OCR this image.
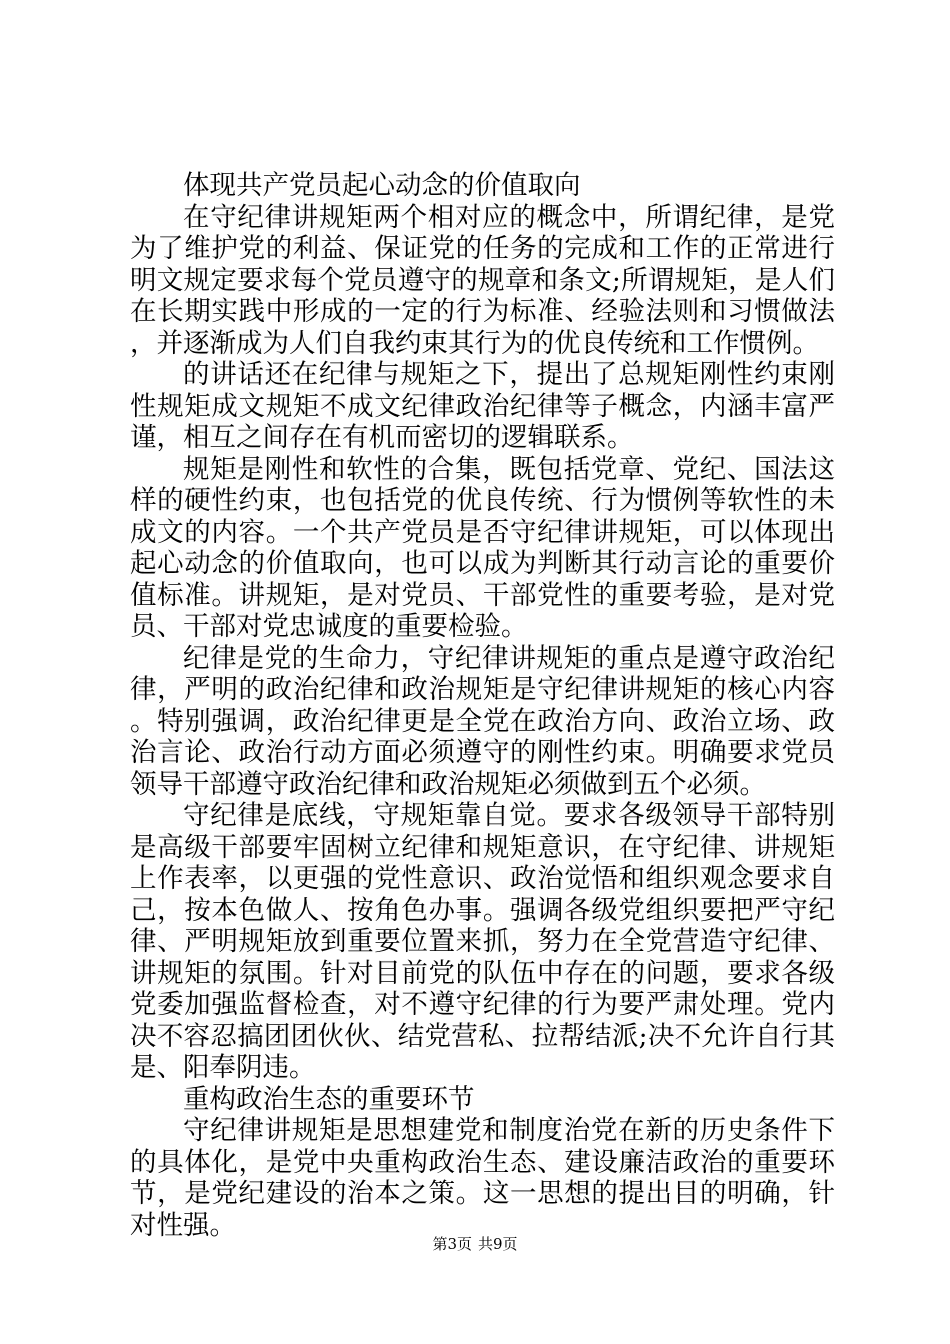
体现共产党员起心动念的价值取向

在守纪律讲规矩两个相对应的概念中，所谓纪律，是党为了维护党的利益、保证党的任务的完成和工作的正常进行明文规定要求每个党员遵守的规章和条文;所谓规矩，是人们在长期实践中形成的一定的行为标准、经验法则和习惯做法，并逐渐成为人们自我约束其行为的优良传统和工作惯例。

的讲话还在纪律与规矩之下，提出了总规矩刚性约束刚性规矩成文规矩不成文纪律政治纪律等子概念，内涵丰富严谨，相互之间存在有机而密切的逻辑联系。

规矩是刚性和软性的合集，既包括党章、党纪、国法这样的硬性约束，也包括党的优良传统、行为惯例等软性的未成文的内容。一个共产党员是否守纪律讲规矩，可以体现出起心动念的价值取向，也可以成为判断其行动言论的重要价值标准。讲规矩，是对党员、干部党性的重要考验，是对党员、干部对党忠诚度的重要检验。

纪律是党的生命力，守纪律讲规矩的重点是遵守政治纪律，严明的政治纪律和政治规矩是守纪律讲规矩的核心内容。特别强调，政治纪律更是全党在政治方向、政治立场、政治言论、政治行动方面必须遵守的刚性约束。明确要求党员领导干部遵守政治纪律和政治规矩必须做到五个必须。

守纪律是底线，守规矩靠自觉。要求各级领导干部特别是高级干部要牢固树立纪律和规矩意识，在守纪律、讲规矩上作表率，以更强的党性意识、政治觉悟和组织观念要求自己，按本色做人、按角色办事。强调各级党组织要把严守纪律、严明规矩放到重要位置来抓，努力在全党营造守纪律、讲规矩的氛围。针对目前党的队伍中存在的问题，要求各级党委加强监督检查，对不遵守纪律的行为要严肃处理。党内决不容忍搞团团伙伙、结党营私、拉帮结派;决不允许自行其是、阳奉阴违。

重构政治生态的重要环节

守纪律讲规矩是思想建党和制度治党在新的历史条件下的具体化，是党中央重构政治生态、建设廉洁政治的重要环节，是党纪建设的治本之策。这一思想的提出目的明确，针对性强。

第3页 共9页
